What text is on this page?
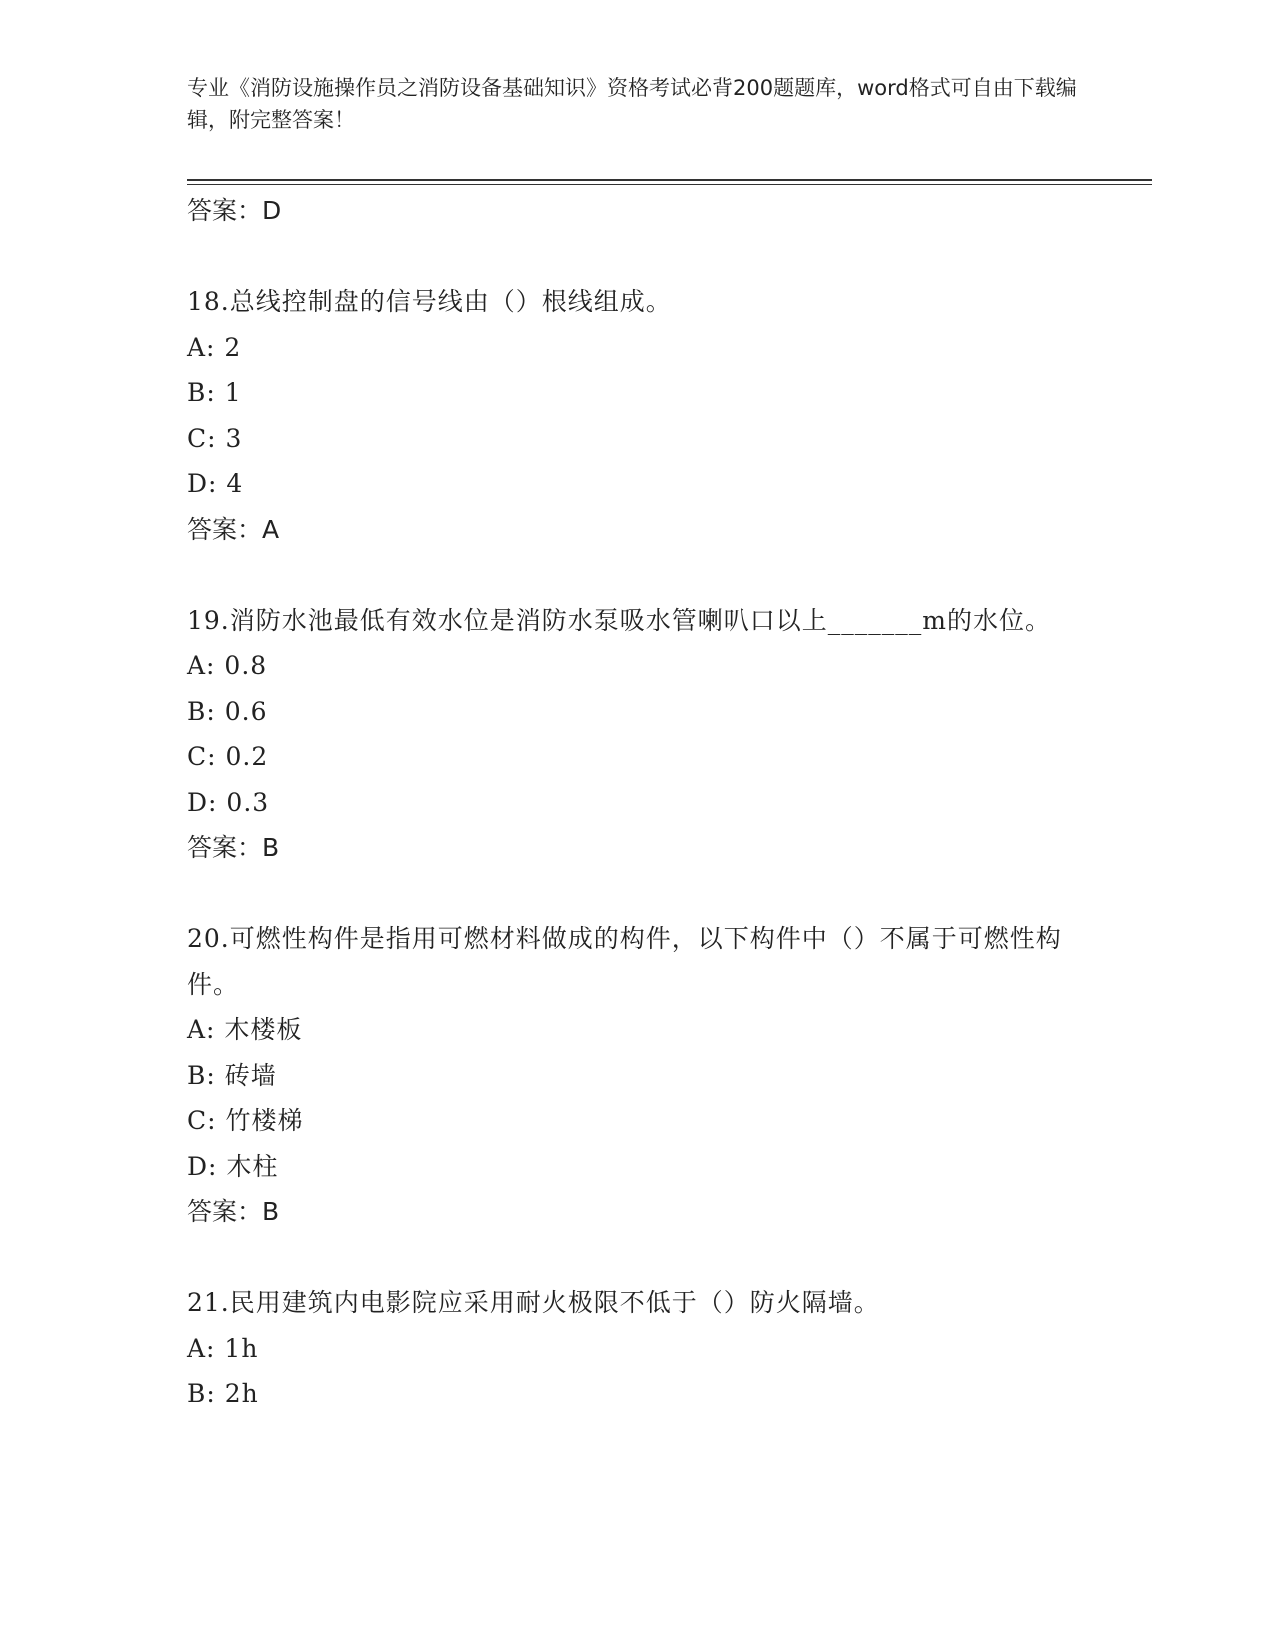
专业《消防设施操作员之消防设备基础知识》资格考试必背200题题库，word格式可自由下载编辑，附完整答案！
答案：D
18.总线控制盘的信号线由（）根线组成。
A: 2
B: 1
C: 3
D: 4
答案：A
19.消防水池最低有效水位是消防水泵吸水管喇叭口以上_______m的水位。
A: 0.8
B: 0.6
C: 0.2
D: 0.3
答案：B
20.可燃性构件是指用可燃材料做成的构件，以下构件中（）不属于可燃性构件。
A: 木楼板
B: 砖墙
C: 竹楼梯
D: 木柱
答案：B
21.民用建筑内电影院应采用耐火极限不低于（）防火隔墙。
A: 1h
B: 2h
